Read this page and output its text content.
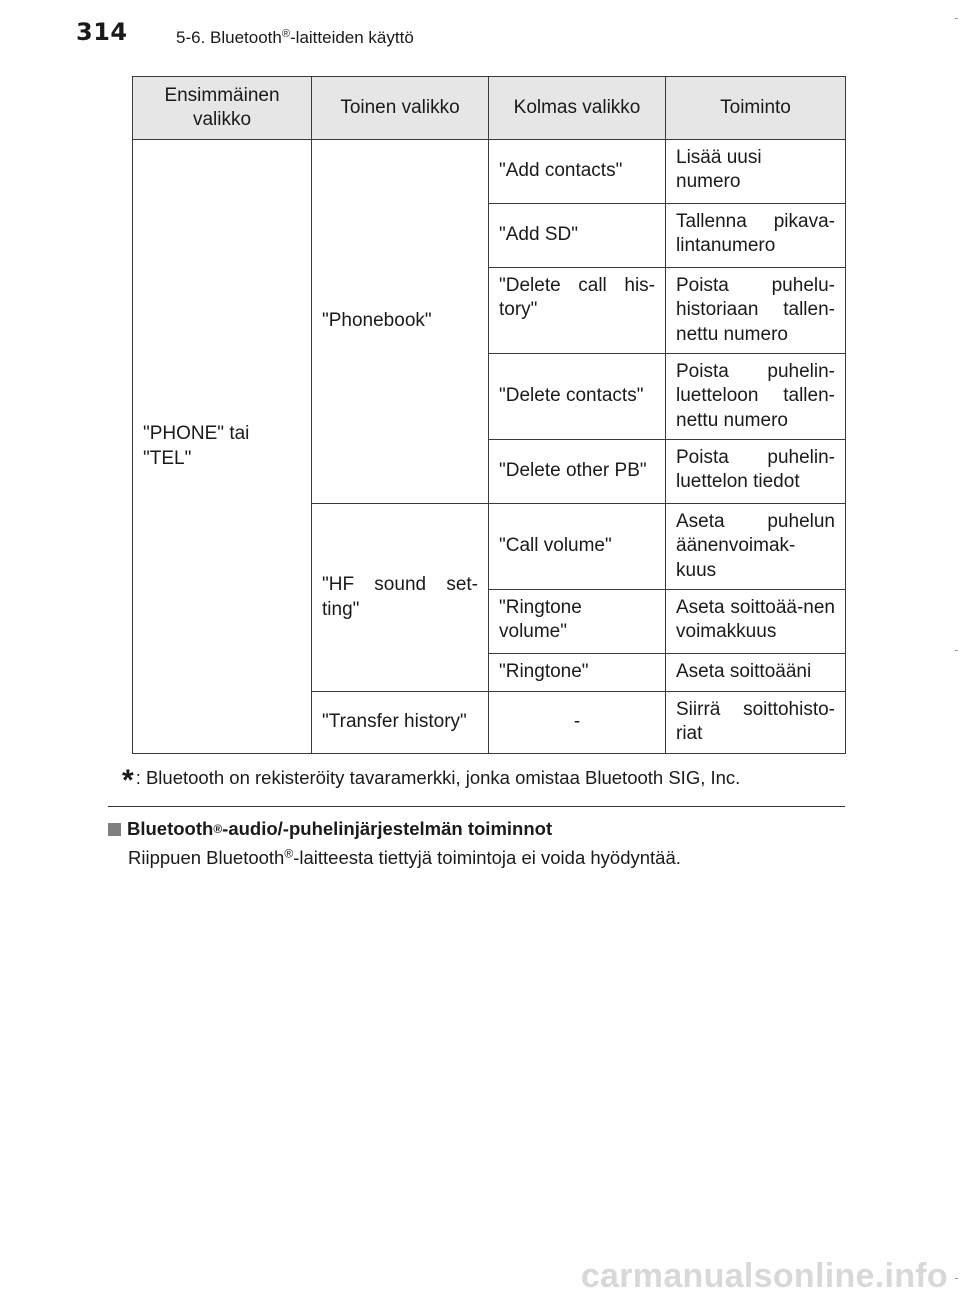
314	5-6. Bluetooth®-laitteiden käyttö
Ensimmäinen valikko	Toinen valikko	Kolmas valikko	Toiminto
"PHONE" tai "TEL"	"Phonebook"	"Add contacts"	Lisää uusi numero
		"Add SD"	Tallenna pikava-lintanumero
		"Delete call his-tory"	Poista puhelu-historiaan tallen-nettu numero
		"Delete contacts"	Poista puhelin-luetteloon tallen-nettu numero
		"Delete other PB"	Poista puhelin-luettelon tiedot
	"HF sound set-ting"	"Call volume"	Aseta puhelun äänenvoimak-kuus
		"Ringtone volume"	Aseta soittoää-nen voimakkuus
		"Ringtone"	Aseta soittoääni
	"Transfer history"	-	Siirrä soittohisto-riat
* : Bluetooth on rekisteröity tavaramerkki, jonka omistaa Bluetooth SIG, Inc.
Bluetooth ® -audio/-puhelinjärjestelmän toiminnot
Riippuen Bluetooth®-laitteesta tiettyjä toimintoja ei voida hyödyntää.
carmanualsonline.info
